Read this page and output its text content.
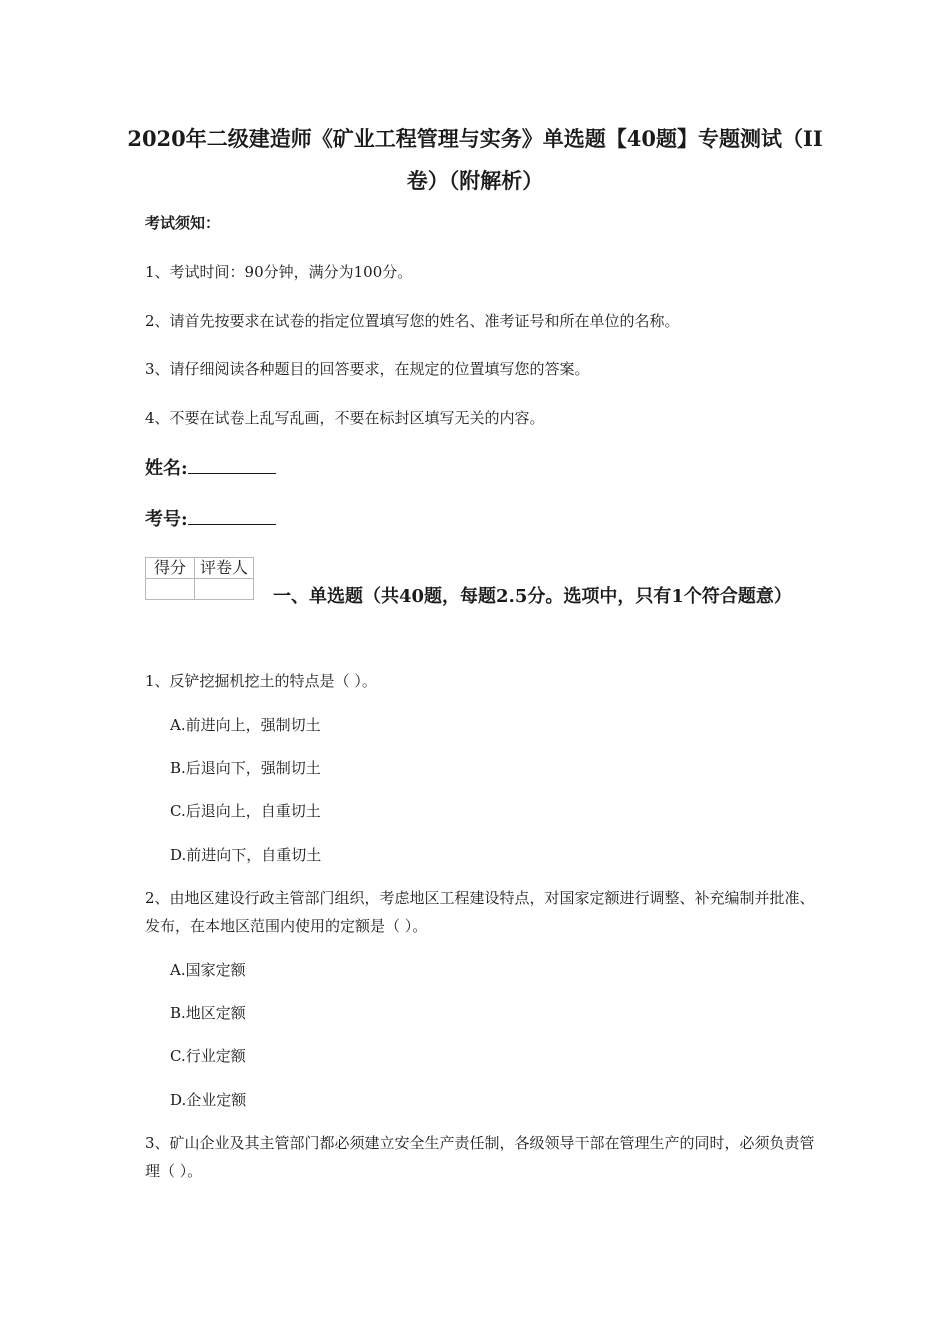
2020年二级建造师《矿业工程管理与实务》单选题【40题】专题测试（II卷）（附解析）
考试须知：
1、考试时间：90分钟，满分为100分。
2、请首先按要求在试卷的指定位置填写您的姓名、准考证号和所在单位的名称。
3、请仔细阅读各种题目的回答要求，在规定的位置填写您的答案。
4、不要在试卷上乱写乱画，不要在标封区填写无关的内容。
姓名:
考号:
得分	评卷人

一、单选题（共40题，每题2.5分。选项中，只有1个符合题意）
1、反铲挖掘机挖土的特点是（ ）。
A.前进向上，强制切土
B.后退向下，强制切土
C.后退向上，自重切土
D.前进向下，自重切土
2、由地区建设行政主管部门组织，考虑地区工程建设特点，对国家定额进行调整、补充编制并批准、发布，在本地区范围内使用的定额是（ ）。
A.国家定额
B.地区定额
C.行业定额
D.企业定额
3、矿山企业及其主管部门都必须建立安全生产责任制，各级领导干部在管理生产的同时，必须负责管理（ ）。
